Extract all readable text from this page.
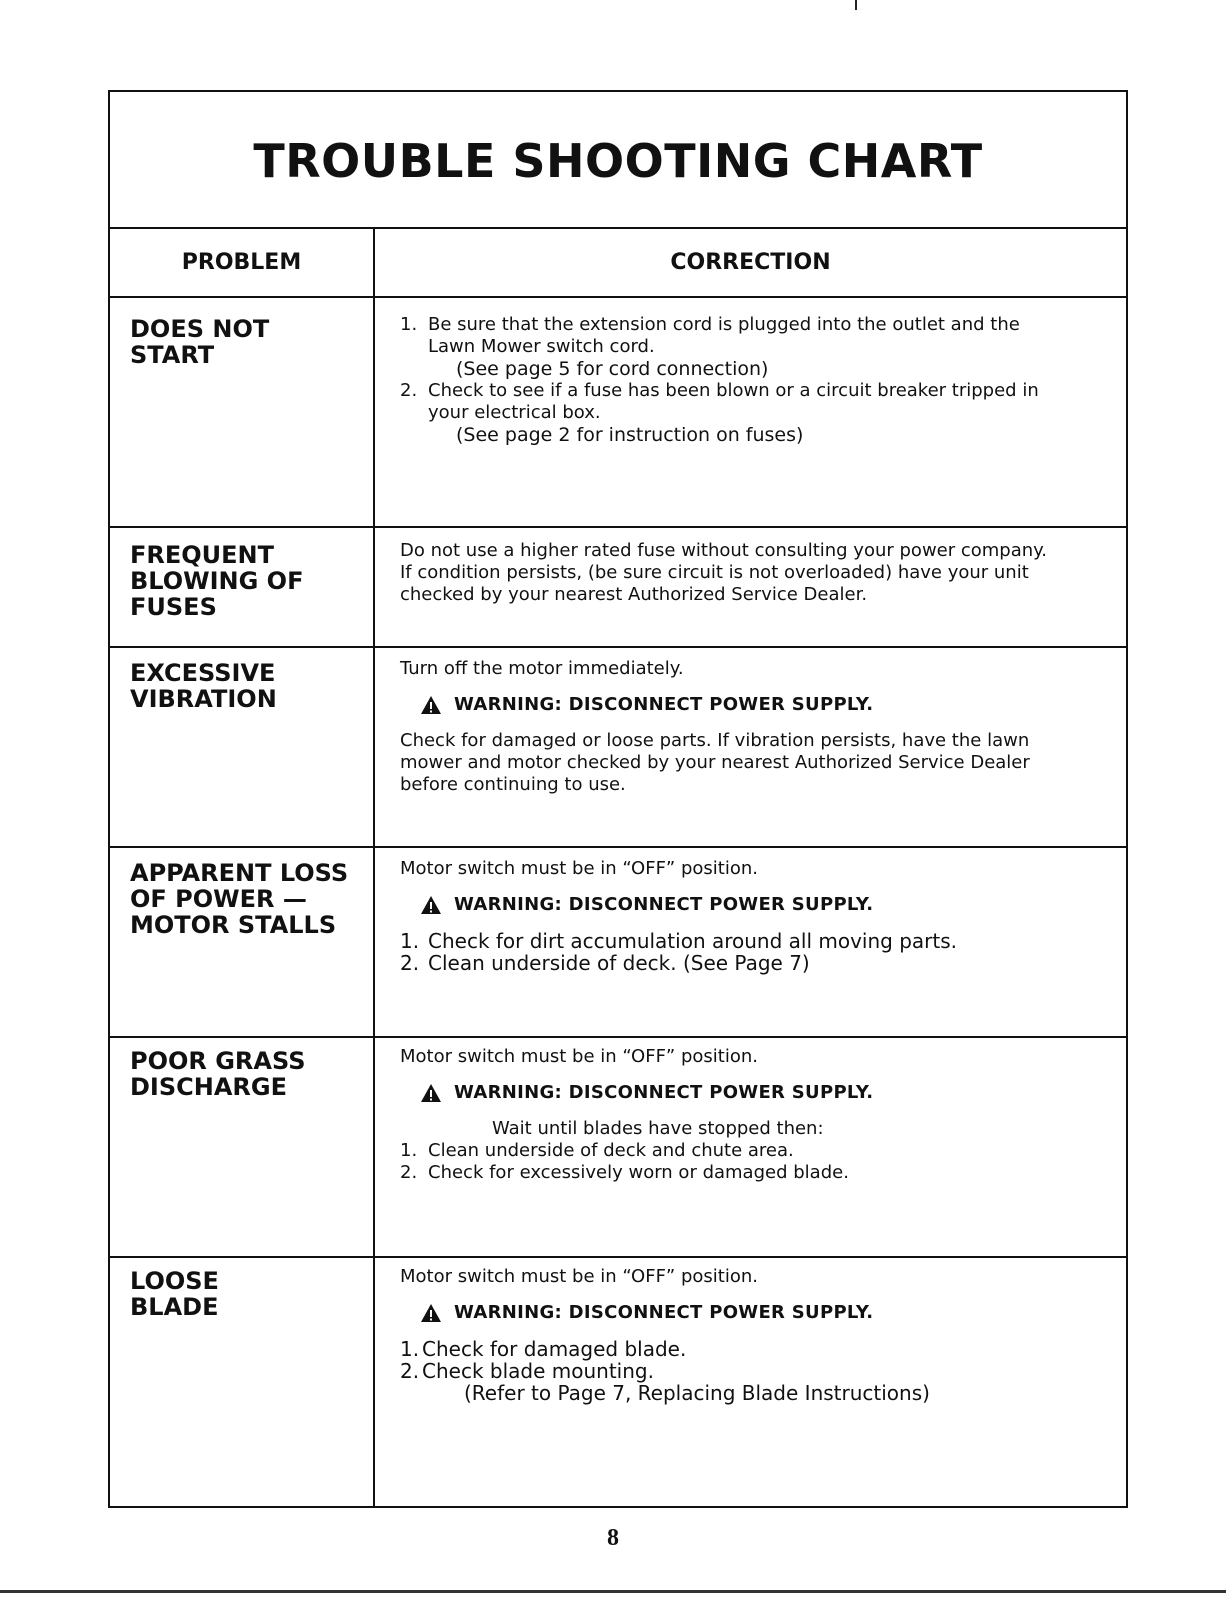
TROUBLE SHOOTING CHART
PROBLEM	CORRECTION
DOES NOT
START
1. Be sure that the extension cord is plugged into the outlet and the
Lawn Mower switch cord.
(See page 5 for cord connection)
2. Check to see if a fuse has been blown or a circuit breaker tripped in
your electrical box.
(See page 2 for instruction on fuses)
FREQUENT
BLOWING OF
FUSES
Do not use a higher rated fuse without consulting your power company.
If condition persists, (be sure circuit is not overloaded) have your unit
checked by your nearest Authorized Service Dealer.
EXCESSIVE
VIBRATION
Turn off the motor immediately.
WARNING: DISCONNECT POWER SUPPLY.
Check for damaged or loose parts. If vibration persists, have the lawn
mower and motor checked by your nearest Authorized Service Dealer
before continuing to use.
APPARENT LOSS
OF POWER —
MOTOR STALLS
Motor switch must be in “OFF” position.
WARNING: DISCONNECT POWER SUPPLY.
1. Check for dirt accumulation around all moving parts.
2. Clean underside of deck. (See Page 7)
POOR GRASS
DISCHARGE
Motor switch must be in “OFF” position.
WARNING: DISCONNECT POWER SUPPLY.
Wait until blades have stopped then:
1. Clean underside of deck and chute area.
2. Check for excessively worn or damaged blade.
LOOSE
BLADE
Motor switch must be in “OFF” position.
WARNING: DISCONNECT POWER SUPPLY.
1. Check for damaged blade.
2. Check blade mounting.
(Refer to Page 7, Replacing Blade Instructions)
8
